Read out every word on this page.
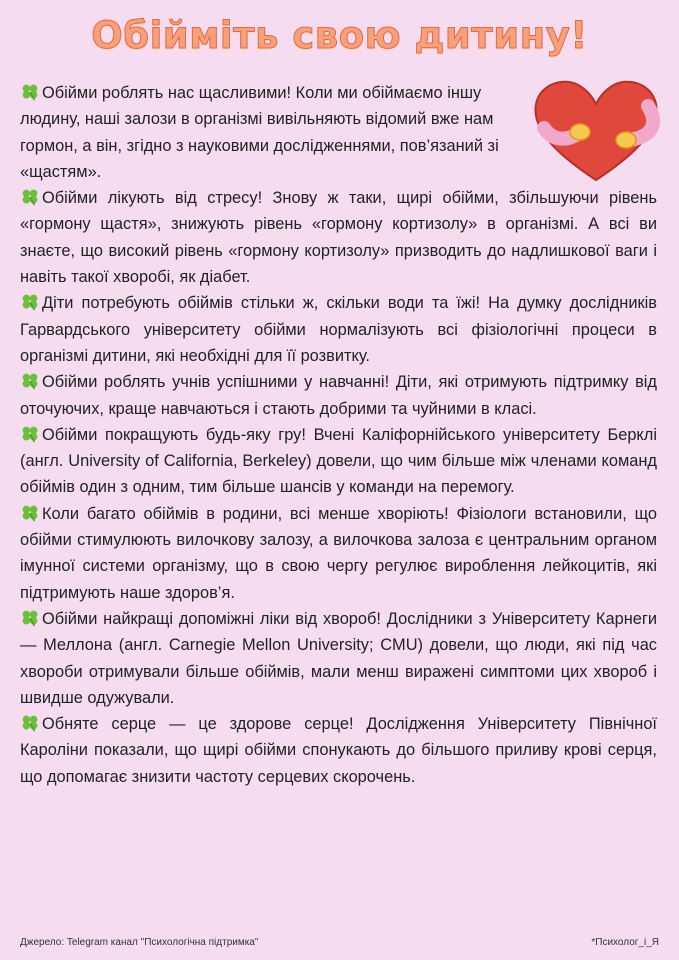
Обійміть свою дитину!

Обійми роблять нас щасливими! Коли ми обіймаємо іншу людину, наші залози в організмі вивільняють відомий вже нам гормон, а він, згідно з науковими дослідженнями, пов’язаний зі «щастям».

Обійми лікують від стресу! Знову ж таки, щирі обійми, збільшуючи рівень «гормону щастя», знижують рівень «гормону кортизолу» в організмі. А всі ви знаєте, що високий рівень «гормону кортизолу» призводить до надлишкової ваги і навіть такої хворобі, як діабет.

Діти потребують обіймів стільки ж, скільки води та їжі! На думку дослідників Гарвардського університету обійми нормалізують всі фізіологічні процеси в організмі дитини, які необхідні для її розвитку.

Обійми роблять учнів успішними у навчанні! Діти, які отримують підтримку від оточуючих, краще навчаються і стають добрими та чуйними в класі.

Обійми покращують будь-яку гру! Вчені Каліфорнійського університету Берклі (англ. University of California, Berkeley) довели, що чим більше між членами команд обіймів один з одним, тим більше шансів у команди на перемогу.

Коли багато обіймів в родини, всі менше хворіють! Фізіологи встановили, що обійми стимулюють вилочкову залозу, а вилочкова залоза є центральним органом імунної системи організму, що в свою чергу регулює вироблення лейкоцитів, які підтримують наше здоров’я.

Обійми найкращі допоміжні ліки від хвороб! Дослідники з Університету Карнеги — Меллона (англ. Carnegie Mellon University; CMU) довели, що люди, які під час хвороби отримували більше обіймів, мали менш виражені симптоми цих хвороб і швидше одужували.

Обняте серце — це здорове серце! Дослідження Університету Північної Кароліни показали, що щирі обійми спонукають до більшого приливу крові серця, що допомагає знизити частоту серцевих скорочень.

Джерело: Telegram канал "Психологічна підтримка"	*Психолог_і_Я
